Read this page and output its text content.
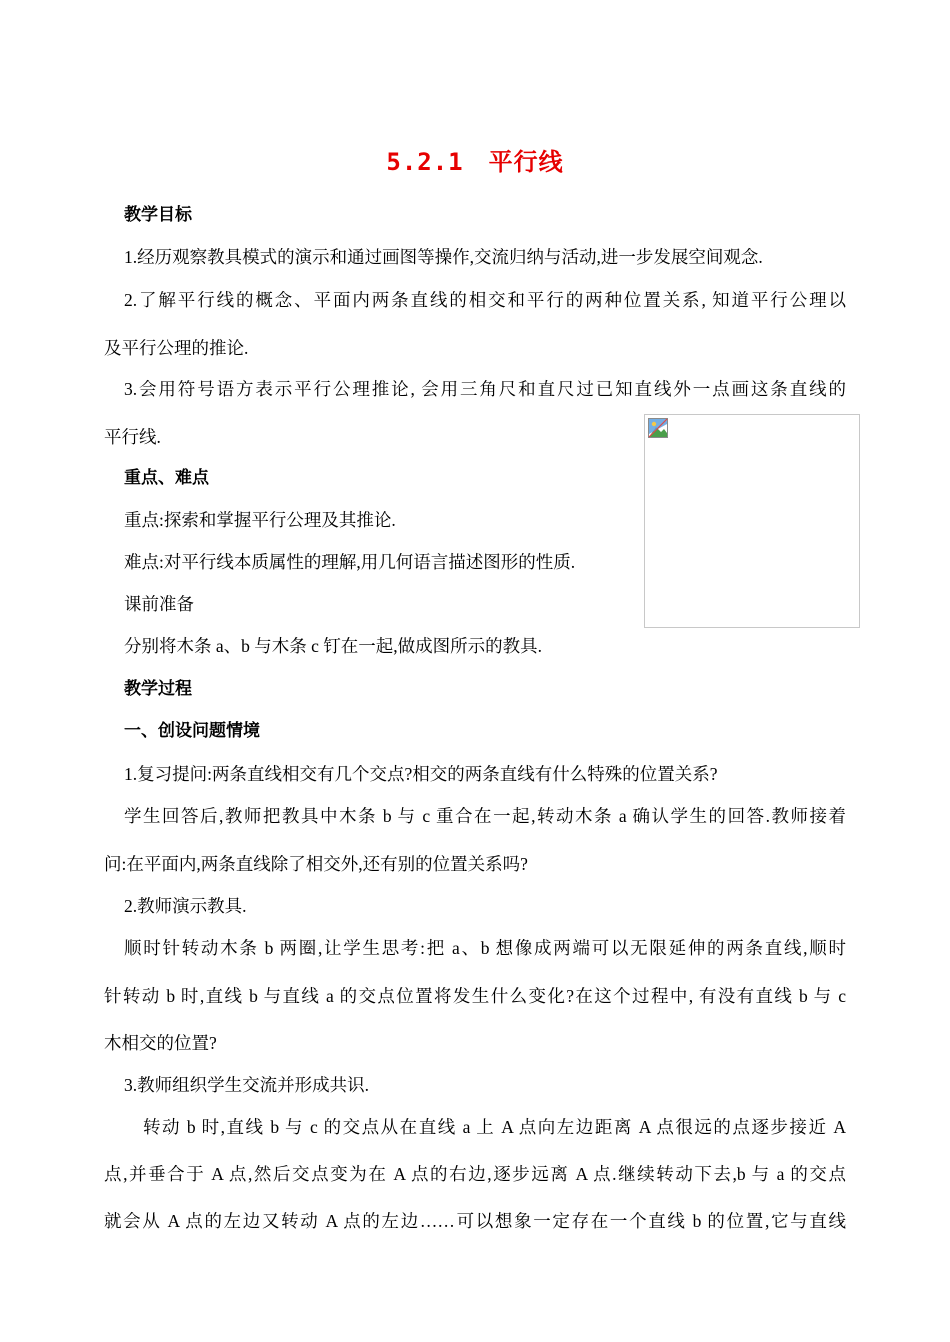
5.2.1　平行线
教学目标
1.经历观察教具模式的演示和通过画图等操作,交流归纳与活动,进一步发展空间观念.
2.了解平行线的概念、平面内两条直线的相交和平行的两种位置关系, 知道平行公理以
及平行公理的推论.
3.会用符号语方表示平行公理推论, 会用三角尺和直尺过已知直线外一点画这条直线的
平行线.
重点、难点
重点:探索和掌握平行公理及其推论.
难点:对平行线本质属性的理解,用几何语言描述图形的性质.
课前准备
分别将木条 a、b 与木条 c 钉在一起,做成图所示的教具.
教学过程
一、创设问题情境
1.复习提问:两条直线相交有几个交点?相交的两条直线有什么特殊的位置关系?
学生回答后,教师把教具中木条 b 与 c 重合在一起,转动木条 a 确认学生的回答.教师接着
问:在平面内,两条直线除了相交外,还有别的位置关系吗?
2.教师演示教具.
顺时针转动木条 b 两圈,让学生思考:把 a、b 想像成两端可以无限延伸的两条直线,顺时
针转动 b 时,直线 b 与直线 a 的交点位置将发生什么变化?在这个过程中, 有没有直线 b 与 c
木相交的位置?
3.教师组织学生交流并形成共识.
转动 b 时,直线 b 与 c 的交点从在直线 a 上 A 点向左边距离 A 点很远的点逐步接近 A
点,并垂合于 A 点,然后交点变为在 A 点的右边,逐步远离 A 点.继续转动下去,b 与 a 的交点
就会从 A 点的左边又转动 A 点的左边……可以想象一定存在一个直线 b 的位置,它与直线
